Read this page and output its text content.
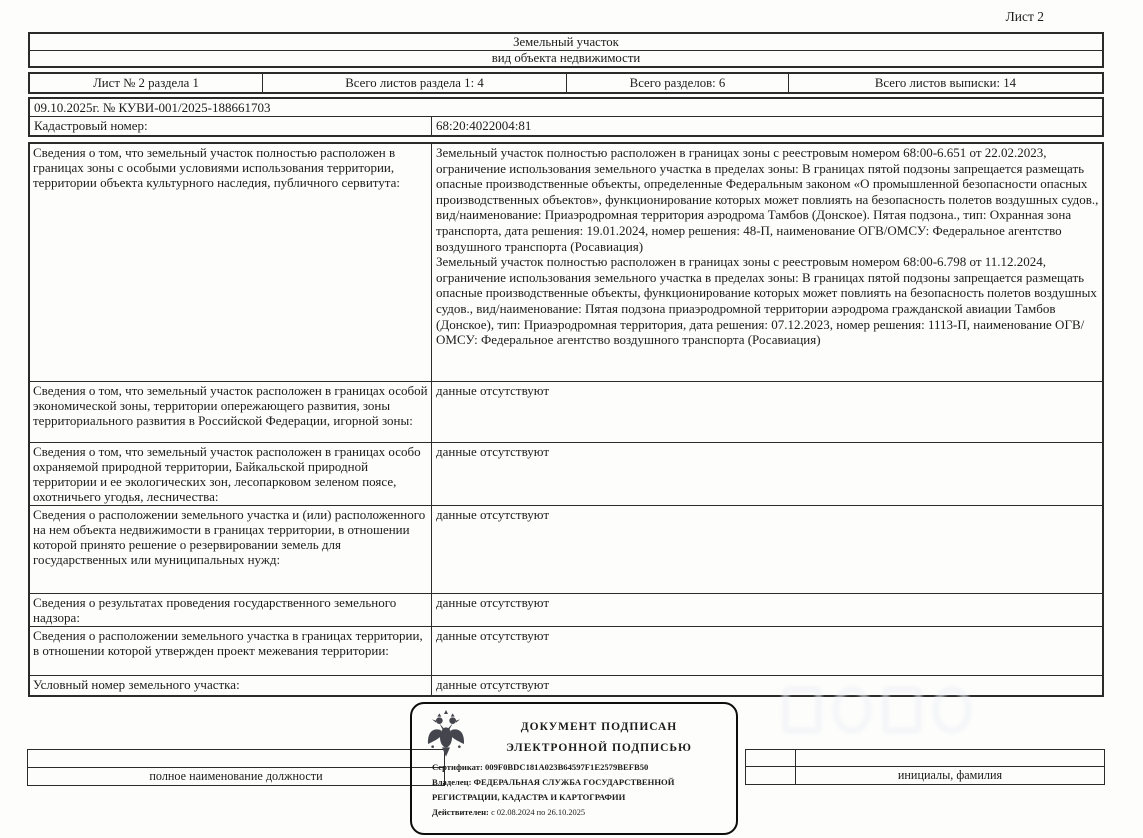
Лист 2
Земельный участок
вид объекта недвижимости
Лист № 2 раздела 1	Всего листов раздела 1: 4	Всего разделов: 6	Всего листов выписки: 14
09.10.2025г. № КУВИ-001/2025-188661703
Кадастровый номер:	68:20:4022004:81
Сведения о том, что земельный участок полностью расположен в границах зоны с особыми условиями использования территории, территории объекта культурного наследия, публичного сервитута:

Земельный участок полностью расположен в границах зоны с реестровым номером 68:00-6.651 от 22.02.2023, ограничение использования земельного участка в пределах зоны: В границах пятой подзоны запрещается размещать опасные производственные объекты, определенные Федеральным законом «О промышленной безопасности опасных производственных объектов», функционирование которых может повлиять на безопасность полетов воздушных судов., вид/наименование: Приаэродромная территория аэродрома Тамбов (Донское). Пятая подзона., тип: Охранная зона транспорта, дата решения: 19.01.2024, номер решения: 48-П, наименование ОГВ/ОМСУ: Федеральное агентство воздушного транспорта (Росавиация)

Земельный участок полностью расположен в границах зоны с реестровым номером 68:00-6.798 от 11.12.2024, ограничение использования земельного участка в пределах зоны: В границах пятой подзоны запрещается размещать опасные производственные объекты, функционирование которых может повлиять на безопасность полетов воздушных судов., вид/наименование: Пятая подзона приаэродромной территории аэродрома гражданской авиации Тамбов (Донское), тип: Приаэродромная территория, дата решения: 07.12.2023, номер решения: 1113-П, наименование ОГВ/ОМСУ: Федеральное агентство воздушного транспорта (Росавиация)

Сведения о том, что земельный участок расположен в границах особой экономической зоны, территории опережающего развития, зоны территориального развития в Российской Федерации, игорной зоны:
данные отсутствуют
Сведения о том, что земельный участок расположен в границах особо охраняемой природной территории, Байкальской природной территории и ее экологических зон, лесопарковом зеленом поясе, охотничьего угодья, лесничества:
данные отсутствуют
Сведения о расположении земельного участка и (или) расположенного на нем объекта недвижимости в границах территории, в отношении которой принято решение о резервировании земель для государственных или муниципальных нужд:
данные отсутствуют
Сведения о результатах проведения государственного земельного надзора:
данные отсутствуют
Сведения о расположении земельного участка в границах территории, в отношении которой утвержден проект межевания территории:
данные отсутствуют
Условный номер земельного участка:	данные отсутствуют
полное наименование должности	инициалы, фамилия
ДОКУМЕНТ ПОДПИСАН
ЭЛЕКТРОННОЙ ПОДПИСЬЮ
Сертификат: 009F0BDC181A023B64597F1E2579BEFB50
Владелец: ФЕДЕРАЛЬНАЯ СЛУЖБА ГОСУДАРСТВЕННОЙ РЕГИСТРАЦИИ, КАДАСТРА И КАРТОГРАФИИ
Действителен: с 02.08.2024 по 26.10.2025
